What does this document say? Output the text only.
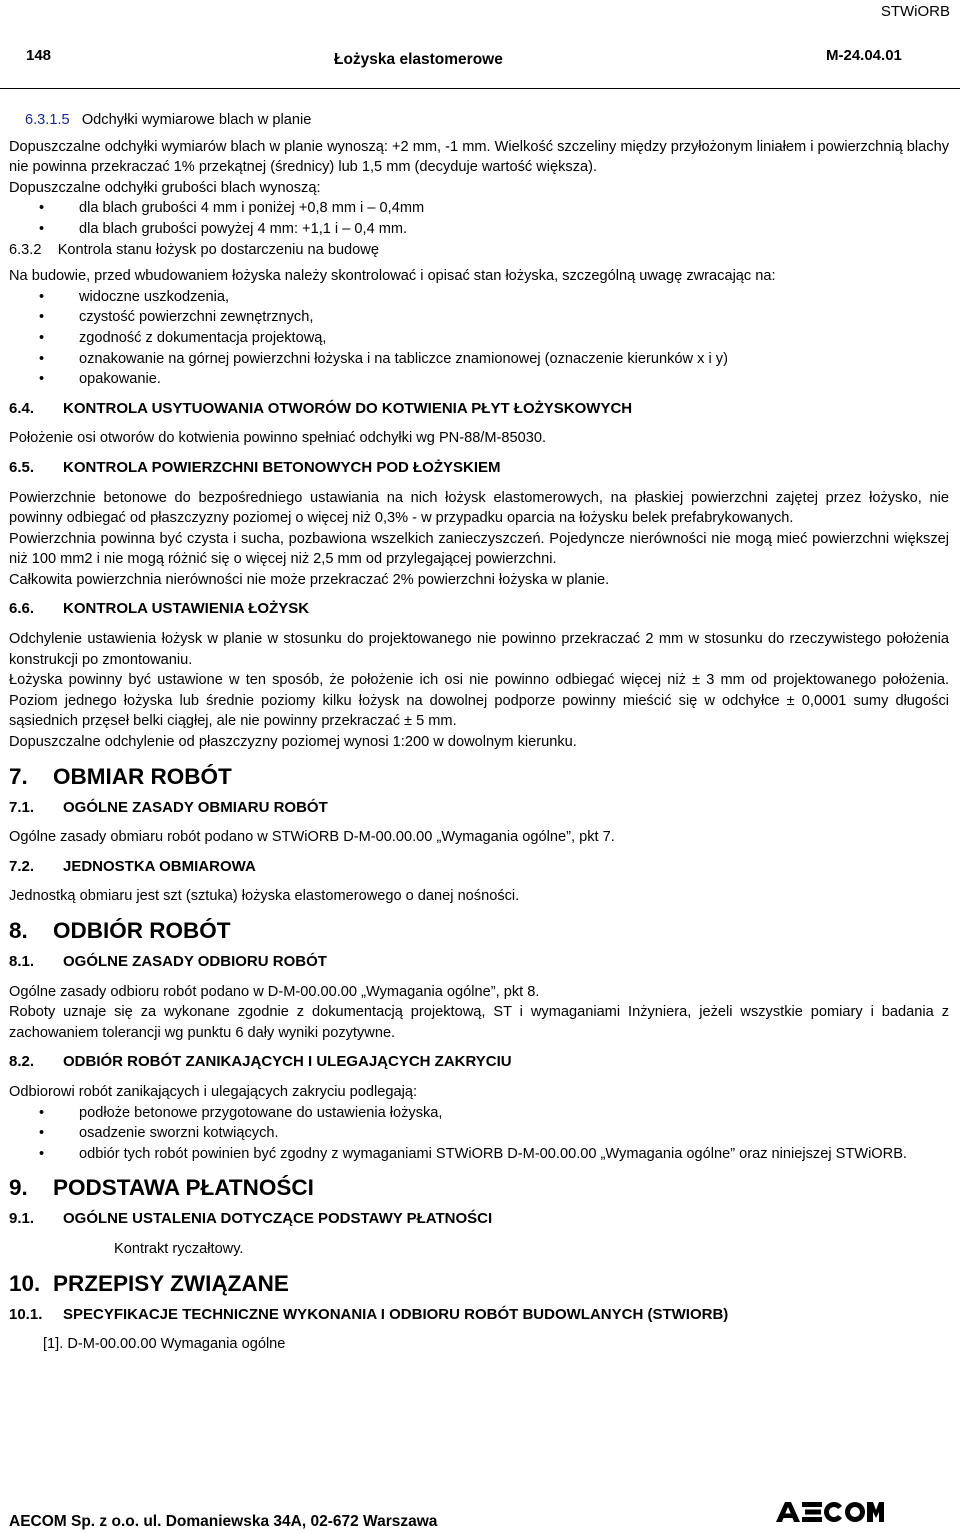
STWiORB
148	Łożyska elastomerowe	M-24.04.01
6.3.1.5 Odchyłki wymiarowe blach w planie

Dopuszczalne odchyłki wymiarów blach w planie wynoszą: +2 mm, -1 mm. Wielkość szczeliny między przyłożonym liniałem i powierzchnią blachy nie powinna przekraczać 1% przekątnej (średnicy) lub 1,5 mm (decyduje wartość większa).

Dopuszczalne odchyłki grubości blach wynoszą:

• dla blach grubości 4 mm i poniżej +0,8 mm i – 0,4mm
• dla blach grubości powyżej 4 mm: +1,1 i – 0,4 mm.
6.3.2 Kontrola stanu łożysk po dostarczeniu na budowę

Na budowie, przed wbudowaniem łożyska należy skontrolować i opisać stan łożyska, szczególną uwagę zwracając na:

• widoczne uszkodzenia,
• czystość powierzchni zewnętrznych,
• zgodność z dokumentacja projektową,
• oznakowanie na górnej powierzchni łożyska i na tabliczce znamionowej (oznaczenie kierunków x i y)
• opakowanie.
6.4. KONTROLA USYTUOWANIA OTWORÓW DO KOTWIENIA PŁYT ŁOŻYSKOWYCH

Położenie osi otworów do kotwienia powinno spełniać odchyłki wg PN-88/M-85030.

6.5. KONTROLA POWIERZCHNI BETONOWYCH POD ŁOŻYSKIEM

Powierzchnie betonowe do bezpośredniego ustawiania na nich łożysk elastomerowych, na płaskiej powierzchni zajętej przez łożysko, nie powinny odbiegać od płaszczyzny poziomej o więcej niż 0,3% - w przypadku oparcia na łożysku belek prefabrykowanych.

Powierzchnia powinna być czysta i sucha, pozbawiona wszelkich zanieczyszczeń. Pojedyncze nierówności nie mogą mieć powierzchni większej niż 100 mm2 i nie mogą różnić się o więcej niż 2,5 mm od przylegającej powierzchni.

Całkowita powierzchnia nierówności nie może przekraczać 2% powierzchni łożyska w planie.

6.6. KONTROLA USTAWIENIA ŁOŻYSK

Odchylenie ustawienia łożysk w planie w stosunku do projektowanego nie powinno przekraczać 2 mm w stosunku do rzeczywistego położenia konstrukcji po zmontowaniu.

Łożyska powinny być ustawione w ten sposób, że położenie ich osi nie powinno odbiegać więcej niż ± 3 mm od projektowanego położenia. Poziom jednego łożyska lub średnie poziomy kilku łożysk na dowolnej podporze powinny mieścić się w odchyłce ± 0,0001 sumy długości sąsiednich przęseł belki ciągłej, ale nie powinny przekraczać ± 5 mm.

Dopuszczalne odchylenie od płaszczyzny poziomej wynosi 1:200 w dowolnym kierunku.

7. OBMIAR ROBÓT
7.1. OGÓLNE ZASADY OBMIARU ROBÓT

Ogólne zasady obmiaru robót podano w STWiORB D-M-00.00.00 „Wymagania ogólne”, pkt 7.

7.2. JEDNOSTKA OBMIAROWA

Jednostką obmiaru jest szt (sztuka) łożyska elastomerowego o danej nośności.

8. ODBIÓR ROBÓT
8.1. OGÓLNE ZASADY ODBIORU ROBÓT

Ogólne zasady odbioru robót podano w D-M-00.00.00 „Wymagania ogólne”, pkt 8.

Roboty uznaje się za wykonane zgodnie z dokumentacją projektową, ST i wymaganiami Inżyniera, jeżeli wszystkie pomiary i badania z zachowaniem tolerancji wg punktu 6 dały wyniki pozytywne.

8.2. ODBIÓR ROBÓT ZANIKAJĄCYCH I ULEGAJĄCYCH ZAKRYCIU

Odbiorowi robót zanikających i ulegających zakryciu podlegają:

• podłoże betonowe przygotowane do ustawienia łożyska,
• osadzenie sworzni kotwiących.
• odbiór tych robót powinien być zgodny z wymaganiami STWiORB D-M-00.00.00 „Wymagania ogólne” oraz niniejszej STWiORB.
9. PODSTAWA PŁATNOŚCI
9.1. OGÓLNE USTALENIA DOTYCZĄCE PODSTAWY PŁATNOŚCI

Kontrakt ryczałtowy.

10. PRZEPISY ZWIĄZANE
10.1. SPECYFIKACJE TECHNICZNE WYKONANIA I ODBIORU ROBÓT BUDOWLANYCH (STWIORB)

[1]. D-M-00.00.00 Wymagania ogólne

AECOM Sp. z o.o. ul. Domaniewska 34A, 02-672 Warszawa
